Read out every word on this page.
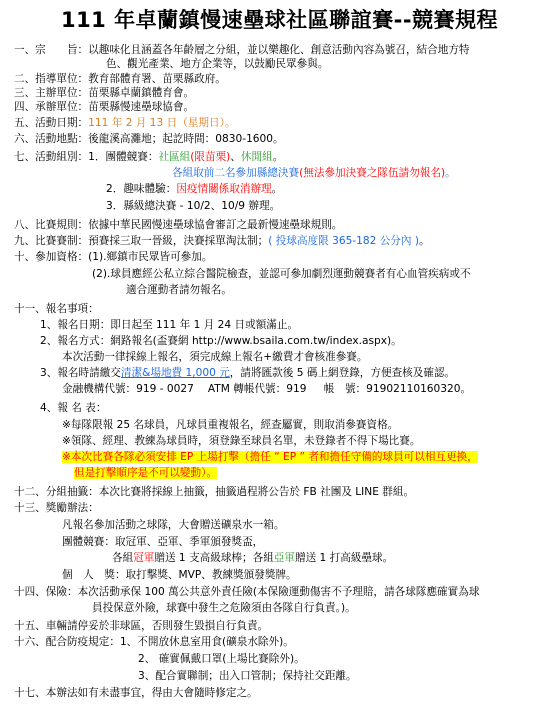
111 年卓蘭鎮慢速壘球社區聯誼賽--競賽規程
一、宗　　旨：以趣味化且涵蓋各年齡層之分組，並以樂趣化、創意活動內容為號召，結合地方特
色、觀光產業、地方企業等，以鼓勵民眾參與。
二、指導單位：教育部體育署、苗栗縣政府。
三、主辦單位：苗栗縣卓蘭鎮體育會。
四、承辦單位：苗栗縣慢速壘球協會。
五、活動日期：111 年 2 月 13 日（星期日）。
六、活動地點：後龍溪高灘地；起訖時間：0830-1600。
七、活動組別：1．團體競賽：社區組(限苗栗)、休閒組。
各組取前二名參加縣總決賽(無法參加決賽之隊伍請勿報名)。
2．趣味體驗：因疫情關係取消辦理。
3．縣級總決賽 - 10/2、10/9 辦理。
八、比賽規則：依據中華民國慢速壘球協會審訂之最新慢速壘球規則。
九、比賽賽制：預賽採三取一晉級，決賽採單淘汰制；( 投球高度限 365-182 公分內 )。
十、參加資格：(1).鄉鎮市民眾皆可參加。
(2).球員應經公私立綜合醫院檢查，並認可參加劇烈運動競賽者有心血管疾病或不
適合運動者請勿報名。
十一、報名事項：
1、報名日期：即日起至 111 年 1 月 24 日或額滿止。
2、報名方式：網路報名(盃賽網 http://www.bsaila.com.tw/index.aspx)。
本次活動一律採線上報名，須完成線上報名+繳費才會核准參賽。
3、報名時請繳交清潔&場地費 1,000 元，請將匯款後 5 碼上網登錄，方便查核及確認。
金融機構代號：919 - 0027　 ATM 轉帳代號：919 　 帳　號：91902110160320。
4、報 名 表：
※每隊限報 25 名球員，凡球員重複報名，經查屬實，則取消參賽資格。
※領隊、經理、教練為球員時，須登錄至球員名單，未登錄者不得下場比賽。
※本次比賽各隊必須安排 EP 上場打擊（擔任 “ EP ” 者和擔任守備的球員可以相互更換，
但是打擊順序是不可以變動）。
十二、分組抽籤：本次比賽將採線上抽籤，抽籤過程將公告於 FB 社團及 LINE 群組。
十三、獎勵辦法：
凡報名參加活動之球隊，大會贈送礦泉水一箱。
團體競賽：取冠軍、亞軍、季軍頒發獎盃，
各組冠軍贈送 1 支高級球棒；各組亞軍贈送 1 打高級壘球。
個　人　獎：取打擊獎、MVP、教練獎頒發獎牌。
十四、保險：本次活動承保 100 萬公共意外責任險(本保險運動傷害不予理賠，請各球隊應確實為球
員投保意外險，球賽中發生之危險須由各隊自行負責。)。
十五、車輛請停妥於非球區，否則發生毀損自行負責。
十六、配合防疫規定：1、不開放休息室用食(礦泉水除外)。
2、 確實佩戴口罩(上場比賽除外)。
3、配合實聯制；出入口管制；保持社交距離。
十七、本辦法如有未盡事宜，得由大會隨時修定之。
